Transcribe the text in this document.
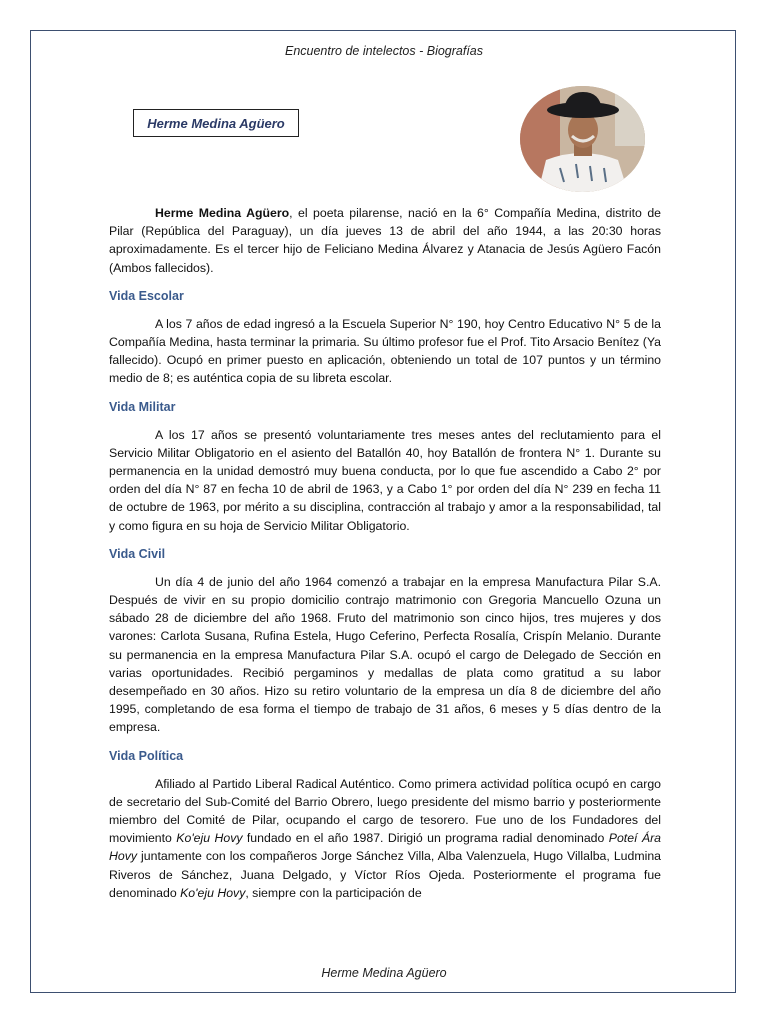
Encuentro de intelectos - Biografías
Herme Medina Agüero

Herme Medina Agüero, el poeta pilarense, nació en la 6° Compañía Medina, distrito de Pilar (República del Paraguay), un día jueves 13 de abril del año 1944, a las 20:30 horas aproximadamente. Es el tercer hijo de Feliciano Medina Álvarez y Atanacia de Jesús Agüero Facón (Ambos fallecidos).

Vida Escolar

A los 7 años de edad ingresó a la Escuela Superior N° 190, hoy Centro Educativo N° 5 de la Compañía Medina, hasta terminar la primaria. Su último profesor fue el Prof. Tito Arsacio Benítez (Ya fallecido). Ocupó en primer puesto en aplicación, obteniendo un total de 107 puntos y un término medio de 8; es auténtica copia de su libreta escolar.

Vida Militar

A los 17 años se presentó voluntariamente tres meses antes del reclutamiento para el Servicio Militar Obligatorio en el asiento del Batallón 40, hoy Batallón de frontera N° 1. Durante su permanencia en la unidad demostró muy buena conducta, por lo que fue ascendido a Cabo 2° por orden del día N° 87 en fecha 10 de abril de 1963, y a Cabo 1° por orden del día N° 239 en fecha 11 de octubre de 1963, por mérito a su disciplina, contracción al trabajo y amor a la responsabilidad, tal y como figura en su hoja de Servicio Militar Obligatorio.

Vida Civil

Un día 4 de junio del año 1964 comenzó a trabajar en la empresa Manufactura Pilar S.A. Después de vivir en su propio domicilio contrajo matrimonio con Gregoria Mancuello Ozuna un sábado 28 de diciembre del año 1968. Fruto del matrimonio son cinco hijos, tres mujeres y dos varones: Carlota Susana, Rufina Estela, Hugo Ceferino, Perfecta Rosalía, Crispín Melanio. Durante su permanencia en la empresa Manufactura Pilar S.A. ocupó el cargo de Delegado de Sección en varias oportunidades. Recibió pergaminos y medallas de plata como gratitud a su labor desempeñado en 30 años. Hizo su retiro voluntario de la empresa un día 8 de diciembre del año 1995, completando de esa forma el tiempo de trabajo de 31 años, 6 meses y 5 días dentro de la empresa.

Vida Política

Afiliado al Partido Liberal Radical Auténtico. Como primera actividad política ocupó en cargo de secretario del Sub-Comité del Barrio Obrero, luego presidente del mismo barrio y posteriormente miembro del Comité de Pilar, ocupando el cargo de tesorero. Fue uno de los Fundadores del movimiento Ko'eju Hovy fundado en el año 1987. Dirigió un programa radial denominado Poteí Ára Hovy juntamente con los compañeros Jorge Sánchez Villa, Alba Valenzuela, Hugo Villalba, Ludmina Riveros de Sánchez, Juana Delgado, y Víctor Ríos Ojeda. Posteriormente el programa fue denominado Ko'eju Hovy, siempre con la participación de

Herme Medina Agüero
